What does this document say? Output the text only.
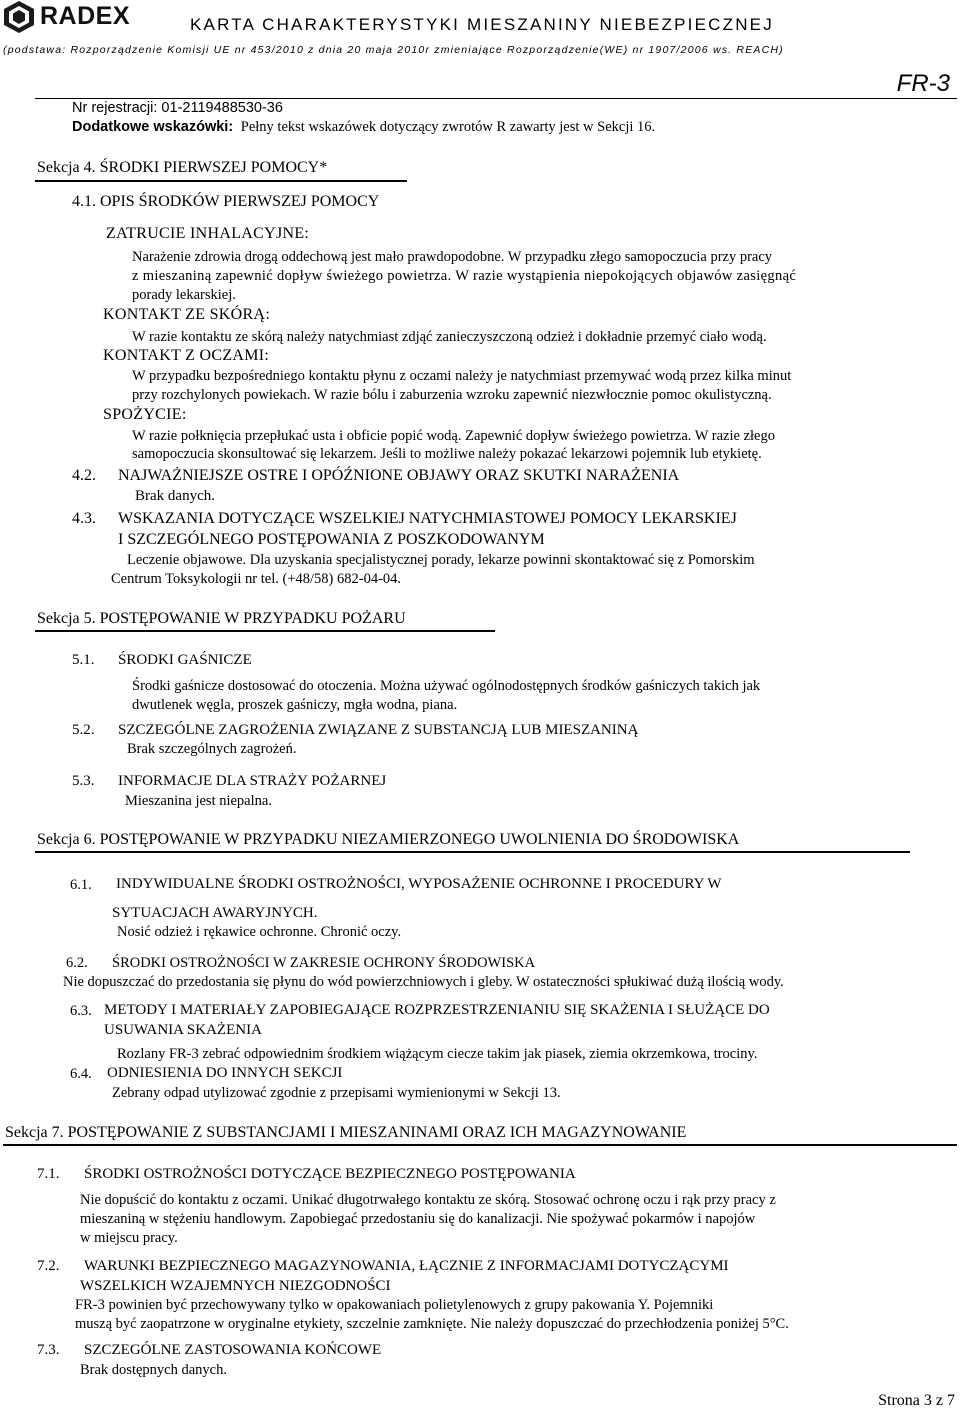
RADEX	KARTA CHARAKTERYSTYKI MIESZANINY NIEBEZPIECZNEJ
(podstawa: Rozporządzenie Komisji UE nr 453/2010 z dnia 20 maja 2010r zmieniające Rozporządzenie(WE) nr 1907/2006 ws. REACH)
FR-3
Nr rejestracji: 01-2119488530-36
Dodatkowe wskazówki: Pełny tekst wskazówek dotyczący zwrotów R zawarty jest w Sekcji 16.
Sekcja 4. ŚRODKI PIERWSZEJ POMOCY*
4.1. OPIS ŚRODKÓW PIERWSZEJ POMOCY
ZATRUCIE INHALACYJNE:
Narażenie zdrowia drogą oddechową jest mało prawdopodobne. W przypadku złego samopoczucia przy pracy
z mieszaniną zapewnić dopływ świeżego powietrza. W razie wystąpienia niepokojących objawów zasięgnąć
porady lekarskiej.
KONTAKT ZE SKÓRĄ:
W razie kontaktu ze skórą należy natychmiast zdjąć zanieczyszczoną odzież i dokładnie przemyć ciało wodą.
KONTAKT Z OCZAMI:
W przypadku bezpośredniego kontaktu płynu z oczami należy je natychmiast przemywać wodą przez kilka minut
przy rozchylonych powiekach. W razie bólu i zaburzenia wzroku zapewnić niezwłocznie pomoc okulistyczną.
SPOŻYCIE:
W razie połknięcia przepłukać usta i obficie popić wodą. Zapewnić dopływ świeżego powietrza. W razie złego
samopoczucia skonsultować się lekarzem. Jeśli to możliwe należy pokazać lekarzowi pojemnik lub etykietę.
4.2. NAJWAŻNIEJSZE OSTRE I OPÓŹNIONE OBJAWY ORAZ SKUTKI NARAŻENIA
Brak danych.
4.3. WSKAZANIA DOTYCZĄCE WSZELKIEJ NATYCHMIASTOWEJ POMOCY LEKARSKIEJ
I SZCZEGÓLNEGO POSTĘPOWANIA Z POSZKODOWANYM
Leczenie objawowe. Dla uzyskania specjalistycznej porady, lekarze powinni skontaktować się z Pomorskim
Centrum Toksykologii nr tel. (+48/58) 682-04-04.
Sekcja 5. POSTĘPOWANIE W PRZYPADKU POŻARU
5.1. ŚRODKI GAŚNICZE
Środki gaśnicze dostosować do otoczenia. Można używać ogólnodostępnych środków gaśniczych takich jak
dwutlenek węgla, proszek gaśniczy, mgła wodna, piana.
5.2. SZCZEGÓLNE ZAGROŻENIA ZWIĄZANE Z SUBSTANCJĄ LUB MIESZANINĄ
Brak szczególnych zagrożeń.
5.3. INFORMACJE DLA STRAŻY POŻARNEJ
Mieszanina jest niepalna.
Sekcja 6. POSTĘPOWANIE W PRZYPADKU NIEZAMIERZONEGO UWOLNIENIA DO ŚRODOWISKA
6.1. INDYWIDUALNE ŚRODKI OSTROŻNOŚCI, WYPOSAŻENIE OCHRONNE I PROCEDURY W
SYTUACJACH AWARYJNYCH.
Nosić odzież i rękawice ochronne. Chronić oczy.
6.2. ŚRODKI OSTROŻNOŚCI W ZAKRESIE OCHRONY ŚRODOWISKA
Nie dopuszczać do przedostania się płynu do wód powierzchniowych i gleby. W ostateczności spłukiwać dużą ilością wody.
6.3. METODY I MATERIAŁY ZAPOBIEGAJĄCE ROZPRZESTRZENIANIU SIĘ SKAŻENIA I SŁUŻĄCE DO
USUWANIA SKAŻENIA
Rozlany FR-3 zebrać odpowiednim środkiem wiążącym ciecze takim jak piasek, ziemia okrzemkowa, trociny.
6.4. ODNIESIENIA DO INNYCH SEKCJI
Zebrany odpad utylizować zgodnie z przepisami wymienionymi w Sekcji 13.
Sekcja 7. POSTĘPOWANIE Z SUBSTANCJAMI I MIESZANINAMI ORAZ ICH MAGAZYNOWANIE
7.1. ŚRODKI OSTROŻNOŚCI DOTYCZĄCE BEZPIECZNEGO POSTĘPOWANIA
Nie dopuścić do kontaktu z oczami. Unikać długotrwałego kontaktu ze skórą. Stosować ochronę oczu i rąk przy pracy z
mieszaniną w stężeniu handlowym. Zapobiegać przedostaniu się do kanalizacji. Nie spożywać pokarmów i napojów
w miejscu pracy.
7.2. WARUNKI BEZPIECZNEGO MAGAZYNOWANIA, ŁĄCZNIE Z INFORMACJAMI DOTYCZĄCYMI
WSZELKICH WZAJEMNYCH NIEZGODNOŚCI
FR-3 powinien być przechowywany tylko w opakowaniach polietylenowych z grupy pakowania Y. Pojemniki
muszą być zaopatrzone w oryginalne etykiety, szczelnie zamknięte. Nie należy dopuszczać do przechłodzenia poniżej 5°C.
7.3. SZCZEGÓLNE ZASTOSOWANIA KOŃCOWE
Brak dostępnych danych.
Strona 3 z 7
